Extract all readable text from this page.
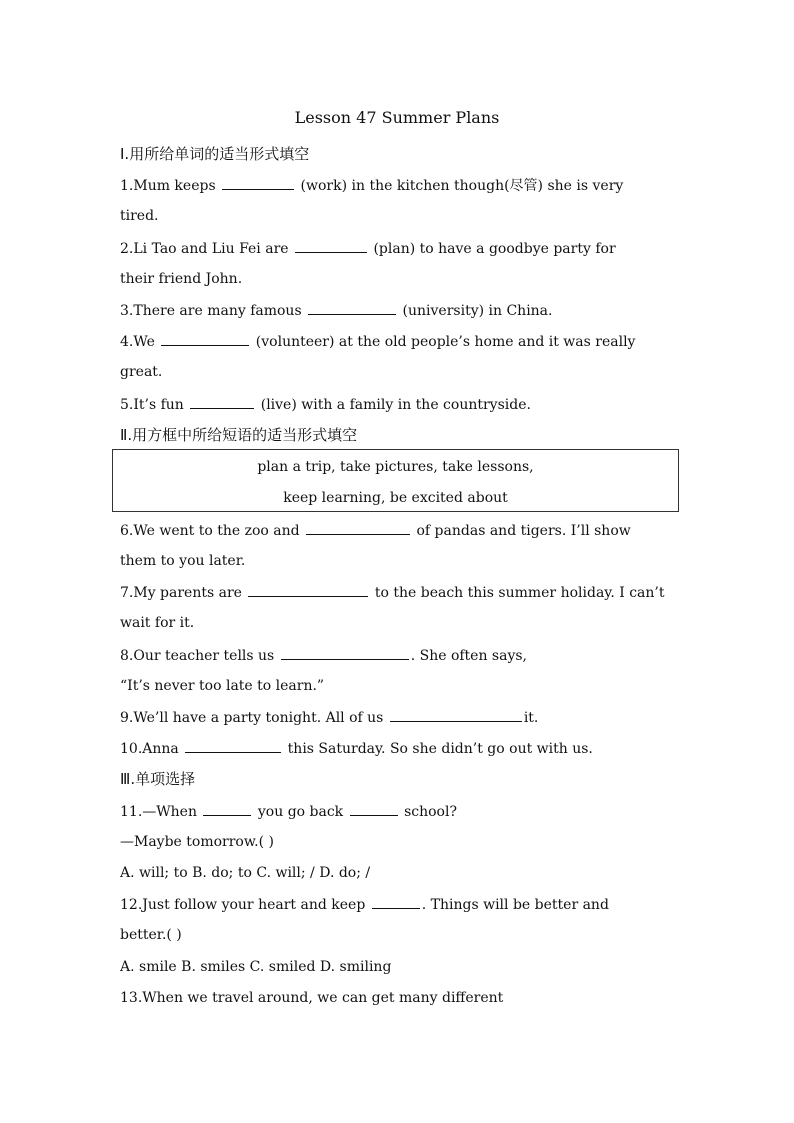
Lesson 47 Summer Plans
Ⅰ.用所给单词的适当形式填空
1.Mum keeps	(work) in the kitchen though(尽管) she is very
tired.
2.Li Tao and Liu Fei are	(plan) to have a goodbye party for
their friend John.
3.There are many famous	(university) in China.
4.We	(volunteer) at the old people’s home and it was really
great.
5.It’s fun	(live) with a family in the countryside.
Ⅱ.用方框中所给短语的适当形式填空
plan a trip, take pictures, take lessons,
keep learning, be excited about
6.We went to the zoo and	of pandas and tigers. I’ll show
them to you later.
7.My parents are	to the beach this summer holiday. I can’t
wait for it.
8.Our teacher tells us	. She often says,
“It’s never too late to learn.”
9.We’ll have a party tonight. All of us	it.
10.Anna	this Saturday. So she didn’t go out with us.
Ⅲ.单项选择
11.—When	you go back	school?
—Maybe tomorrow.( )
A. will; to B. do; to C. will; / D. do; /
12.Just follow your heart and keep	. Things will be better and
better.( )
A. smile B. smiles C. smiled D. smiling
13.When we travel around, we can get many different
